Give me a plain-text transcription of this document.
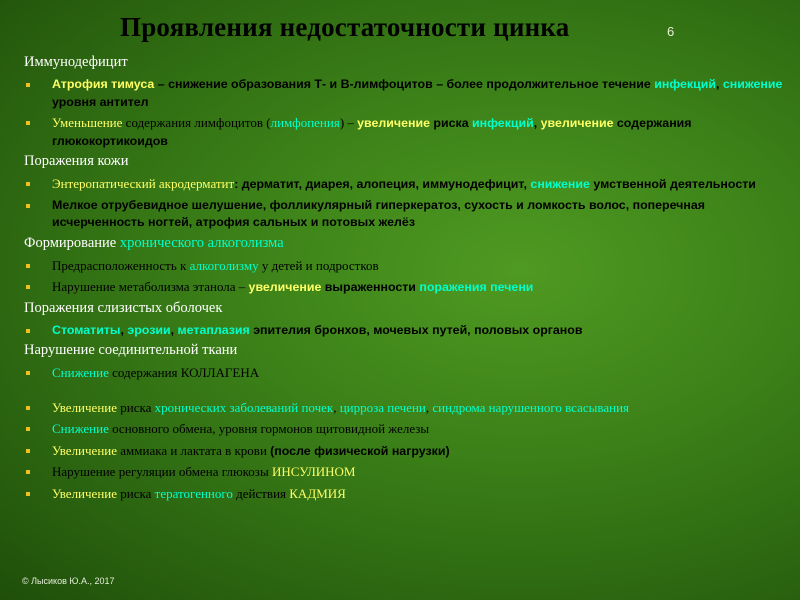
Проявления недостаточности цинка	6
Иммунодефицит
Атрофия тимуса – снижение образования Т- и В-лимфоцитов – более продолжительное течение инфекций, снижение уровня антител
Уменьшение содержания лимфоцитов (лимфопения) – увеличение риска инфекций, увеличение содержания глюкокортикоидов
Поражения кожи
Энтеропатический акродерматит: дерматит, диарея, алопеция, иммунодефицит, снижение умственной деятельности
Мелкое отрубевидное шелушение, фолликулярный гиперкератоз, сухость и ломкость волос, поперечная исчерченность ногтей, атрофия сальных и потовых желёз
Формирование хронического алкоголизма
Предрасположенность к алкоголизму у детей и подростков
Нарушение метаболизма этанола – увеличение выраженности поражения печени
Поражения слизистых оболочек
Стоматиты, эрозии, метаплазия эпителия бронхов, мочевых путей, половых органов
Нарушение соединительной ткани
Снижение содержания КОЛЛАГЕНА
Увеличение риска хронических заболеваний почек, цирроза печени, синдрома нарушенного всасывания
Снижение основного обмена, уровня гормонов щитовидной железы
Увеличение аммиака и лактата в крови (после физической нагрузки)
Нарушение регуляции обмена глюкозы ИНСУЛИНОМ
Увеличение риска тератогенного действия КАДМИЯ
© Лысиков Ю.А., 2017
